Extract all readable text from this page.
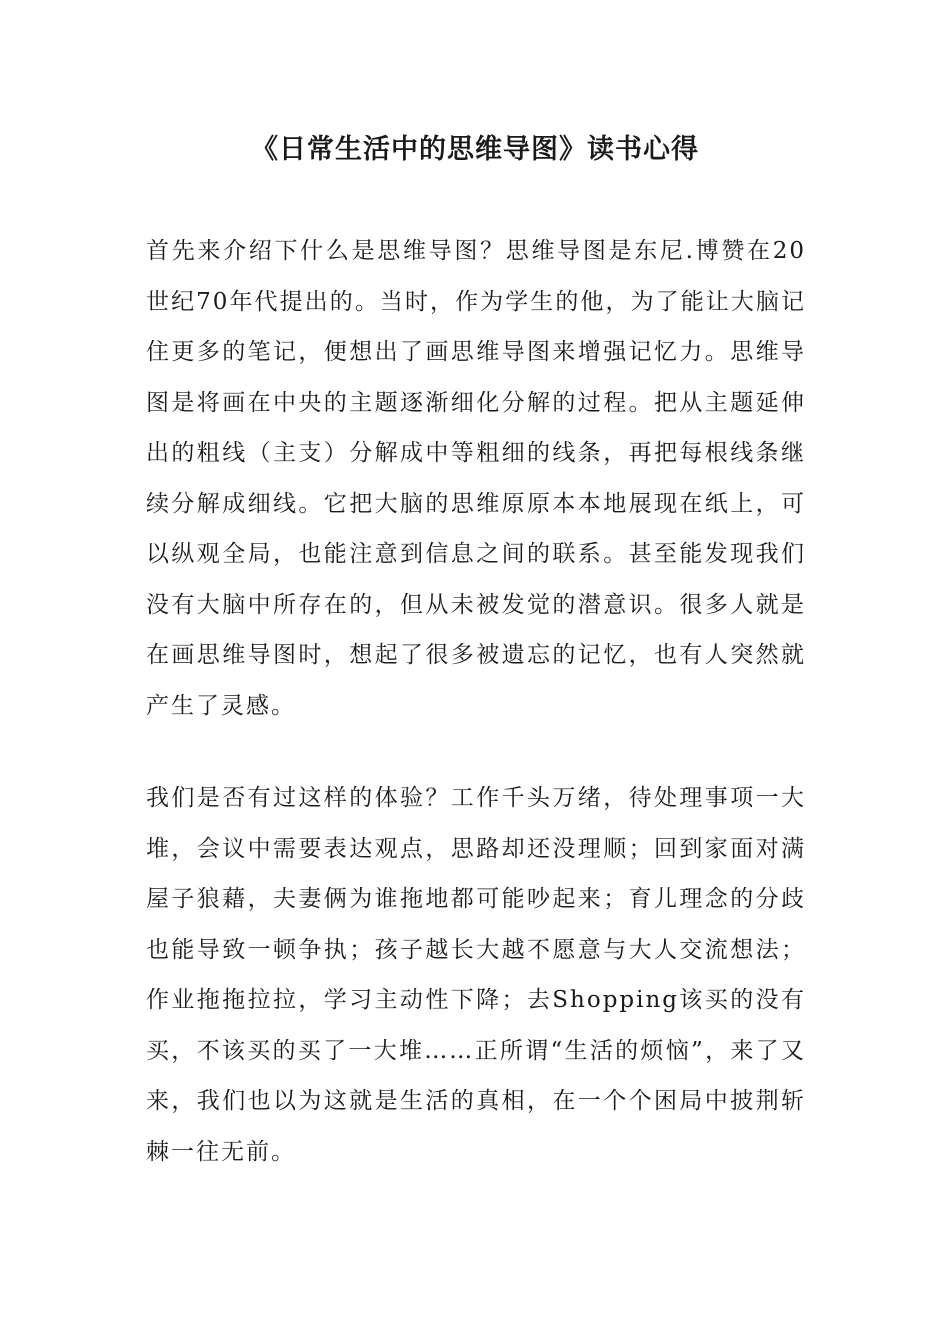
《日常生活中的思维导图》读书心得

首先来介绍下什么是思维导图？思维导图是东尼.博赞在20世纪70年代提出的。当时，作为学生的他，为了能让大脑记住更多的笔记，便想出了画思维导图来增强记忆力。思维导图是将画在中央的主题逐渐细化分解的过程。把从主题延伸出的粗线（主支）分解成中等粗细的线条，再把每根线条继续分解成细线。它把大脑的思维原原本本地展现在纸上，可以纵观全局，也能注意到信息之间的联系。甚至能发现我们没有大脑中所存在的，但从未被发觉的潜意识。很多人就是在画思维导图时，想起了很多被遗忘的记忆，也有人突然就产生了灵感。

我们是否有过这样的体验？工作千头万绪，待处理事项一大堆，会议中需要表达观点，思路却还没理顺；回到家面对满屋子狼藉，夫妻俩为谁拖地都可能吵起来；育儿理念的分歧也能导致一顿争执；孩子越长大越不愿意与大人交流想法；作业拖拖拉拉，学习主动性下降；去Shopping该买的没有买，不该买的买了一大堆……正所谓“生活的烦恼”，来了又来，我们也以为这就是生活的真相，在一个个困局中披荆斩棘一往无前。
